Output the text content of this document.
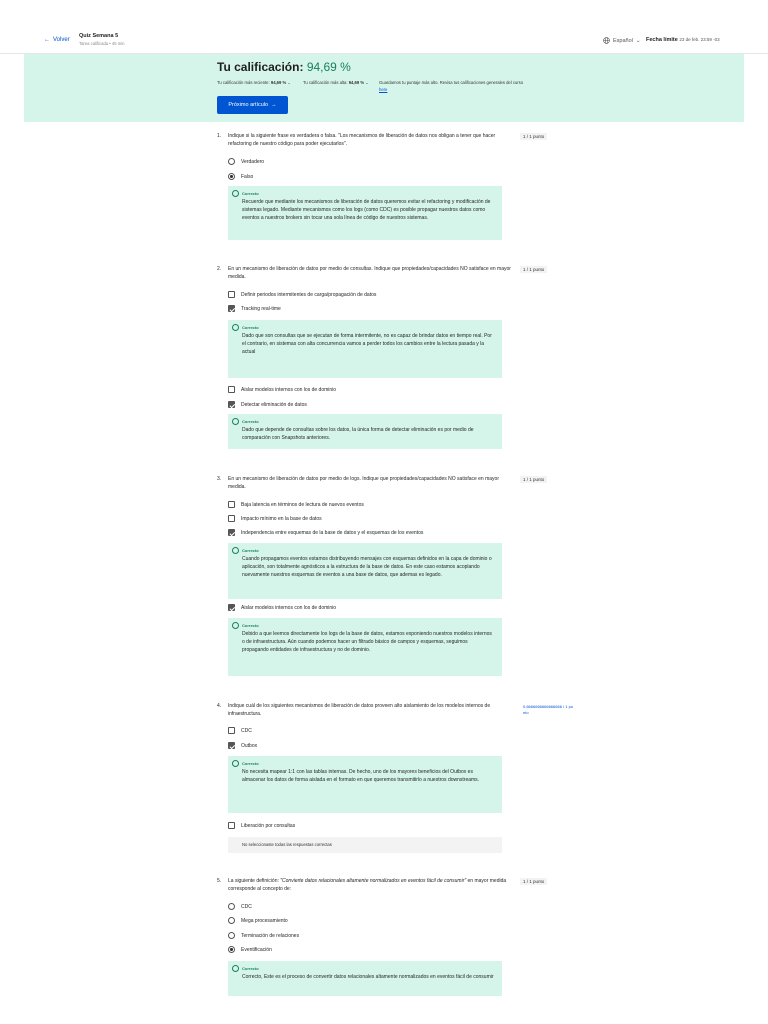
← Volver
Quiz Semana 5
Tarea calificada • 45 min	Español ⌄ Fecha límite 23 de feb. 23:59 -03
Tu calificación: 94,69 %
Tu calificación más reciente: 94,69 % ⌄	Tu calificación más alta: 94,69 % ⌄	Guardamos tu puntaje más alto. Revisa tus calificaciones generales del curso
here
Próximo artículo →
1. Indique si la siguiente frase es verdadera o falsa. "Los mecanismos de liberación de datos nos obligan a tener que hacer refactoring de nuestro código para poder ejecutarlos".
1 / 1 punto
Verdadero
Falso
Correcto
Recuerde que mediante los mecanismos de liberación de datos queremos evitar el refactoring y modificación de sistemas legado. Mediante mecanismos como los logs (como CDC) es posible propagar nuestros datos como eventos a nuestros brokers sin tocar una sola línea de código de nuestros sistemas.
2. En un mecanismo de liberación de datos por medio de consultas. Indique que propiedades/capacidades NO satisface en mayor medida.
1 / 1 punto
Definir periodos intermitentes de carga/propagación de datos
Tracking real-time
Correcto
Dado que son consultas que se ejecutan de forma intermitente, no es capaz de brindar datos en tiempo real. Por el contrario, en sistemas con alta concurrencia vamos a perder todos los cambios entre la lectura pasada y la actual
Aislar modelos internos con los de dominio
Detectar eliminación de datos
Correcto
Dado que depende de consultas sobre los datos, la única forma de detectar eliminación es por medio de comparación con Snapshots anteriores.
3. En un mecanismo de liberación de datos por medio de logs. Indique que propiedades/capacidades NO satisface en mayor medida.
1 / 1 punto
Baja latencia en términos de lectura de nuevos eventos
Impacto mínimo en la base de datos
Independencia entre esquemas de la base de datos y el esquemas de los eventos
Correcto
Cuando propagamos eventos estamos distribuyendo mensajes con esquemas definidos en la capa de dominio o aplicación, son totalmente agnósticos a la estructura de la base de datos. En este caso estamos acoplando nuevamente nuestros esquemas de eventos a una base de datos, que ademas es legado.
Aislar modelos internos con los de dominio
Correcto
Debido a que leemos directamente los logs de la base de datos, estamos exponiendo nuestros modelos internos o de infraestructura. Aún cuando podemos hacer un filtrado básico de campos y esquemas, seguimos propagando entidades de infraestructura y no de dominio.
4. Indique cuál de los siguientes mecanismos de liberación de datos proveen alto aislamiento de los modelos internos de infraestructura.
0.6666666666666666 / 1 punto
CDC
Outbox
Correcto
No necesita mapear 1:1 con las tablas internas. De hecho, uno de los mayores beneficios del Outbox es almacenar los datos de forma aislada en el formato en que queremos transmitirlo a nuestros downstreams.
Liberación por consultas
No seleccionaste todas las respuestas correctas
5. La siguiente definición: "Convierte datos relacionales altamente normalizados en eventos fácil de consumir" en mayor medida corresponde al concepto de:
1 / 1 punto
CDC
Mega procesamiento
Terminación de relaciones
Eventificación
Correcto
Correcto, Este es el proceso de convertir datos relacionales altamente normalizados en eventos fácil de consumir
